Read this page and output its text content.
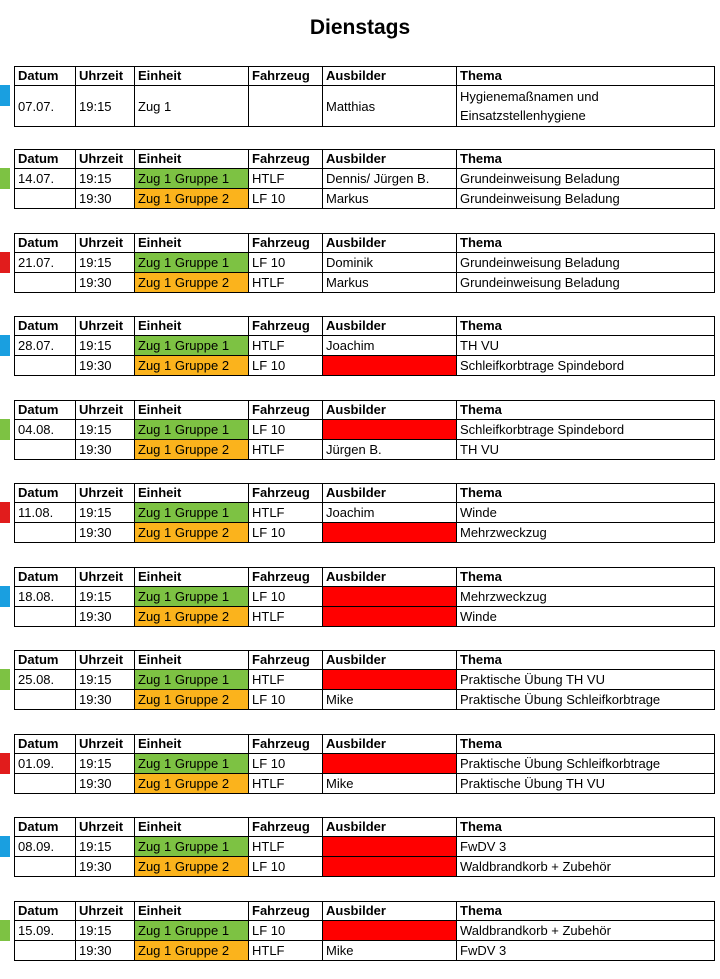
Dienstags
Datum	Uhrzeit	Einheit	Fahrzeug	Ausbilder	Thema
07.07.	19:15	Zug 1		Matthias	Hygienemaßnamen und Einsatzstellenhygiene
Datum	Uhrzeit	Einheit	Fahrzeug	Ausbilder	Thema
14.07.	19:15	Zug 1 Gruppe 1	HTLF	Dennis/ Jürgen B.	Grundeinweisung Beladung
	19:30	Zug 1 Gruppe 2	LF 10	Markus	Grundeinweisung Beladung
Datum	Uhrzeit	Einheit	Fahrzeug	Ausbilder	Thema
21.07.	19:15	Zug 1 Gruppe 1	LF 10	Dominik	Grundeinweisung Beladung
	19:30	Zug 1 Gruppe 2	HTLF	Markus	Grundeinweisung Beladung
Datum	Uhrzeit	Einheit	Fahrzeug	Ausbilder	Thema
28.07.	19:15	Zug 1 Gruppe 1	HTLF	Joachim	TH VU
	19:30	Zug 1 Gruppe 2	LF 10		Schleifkorbtrage Spindebord
Datum	Uhrzeit	Einheit	Fahrzeug	Ausbilder	Thema
04.08.	19:15	Zug 1 Gruppe 1	LF 10		Schleifkorbtrage Spindebord
	19:30	Zug 1 Gruppe 2	HTLF	Jürgen B.	TH VU
Datum	Uhrzeit	Einheit	Fahrzeug	Ausbilder	Thema
11.08.	19:15	Zug 1 Gruppe 1	HTLF	Joachim	Winde
	19:30	Zug 1 Gruppe 2	LF 10		Mehrzweckzug
Datum	Uhrzeit	Einheit	Fahrzeug	Ausbilder	Thema
18.08.	19:15	Zug 1 Gruppe 1	LF 10		Mehrzweckzug
	19:30	Zug 1 Gruppe 2	HTLF		Winde
Datum	Uhrzeit	Einheit	Fahrzeug	Ausbilder	Thema
25.08.	19:15	Zug 1 Gruppe 1	HTLF		Praktische Übung TH VU
	19:30	Zug 1 Gruppe 2	LF 10	Mike	Praktische Übung Schleifkorbtrage
Datum	Uhrzeit	Einheit	Fahrzeug	Ausbilder	Thema
01.09.	19:15	Zug 1 Gruppe 1	LF 10		Praktische Übung Schleifkorbtrage
	19:30	Zug 1 Gruppe 2	HTLF	Mike	Praktische Übung TH VU
Datum	Uhrzeit	Einheit	Fahrzeug	Ausbilder	Thema
08.09.	19:15	Zug 1 Gruppe 1	HTLF		FwDV 3
	19:30	Zug 1 Gruppe 2	LF 10		Waldbrandkorb + Zubehör
Datum	Uhrzeit	Einheit	Fahrzeug	Ausbilder	Thema
15.09.	19:15	Zug 1 Gruppe 1	LF 10		Waldbrandkorb + Zubehör
	19:30	Zug 1 Gruppe 2	HTLF	Mike	FwDV 3
